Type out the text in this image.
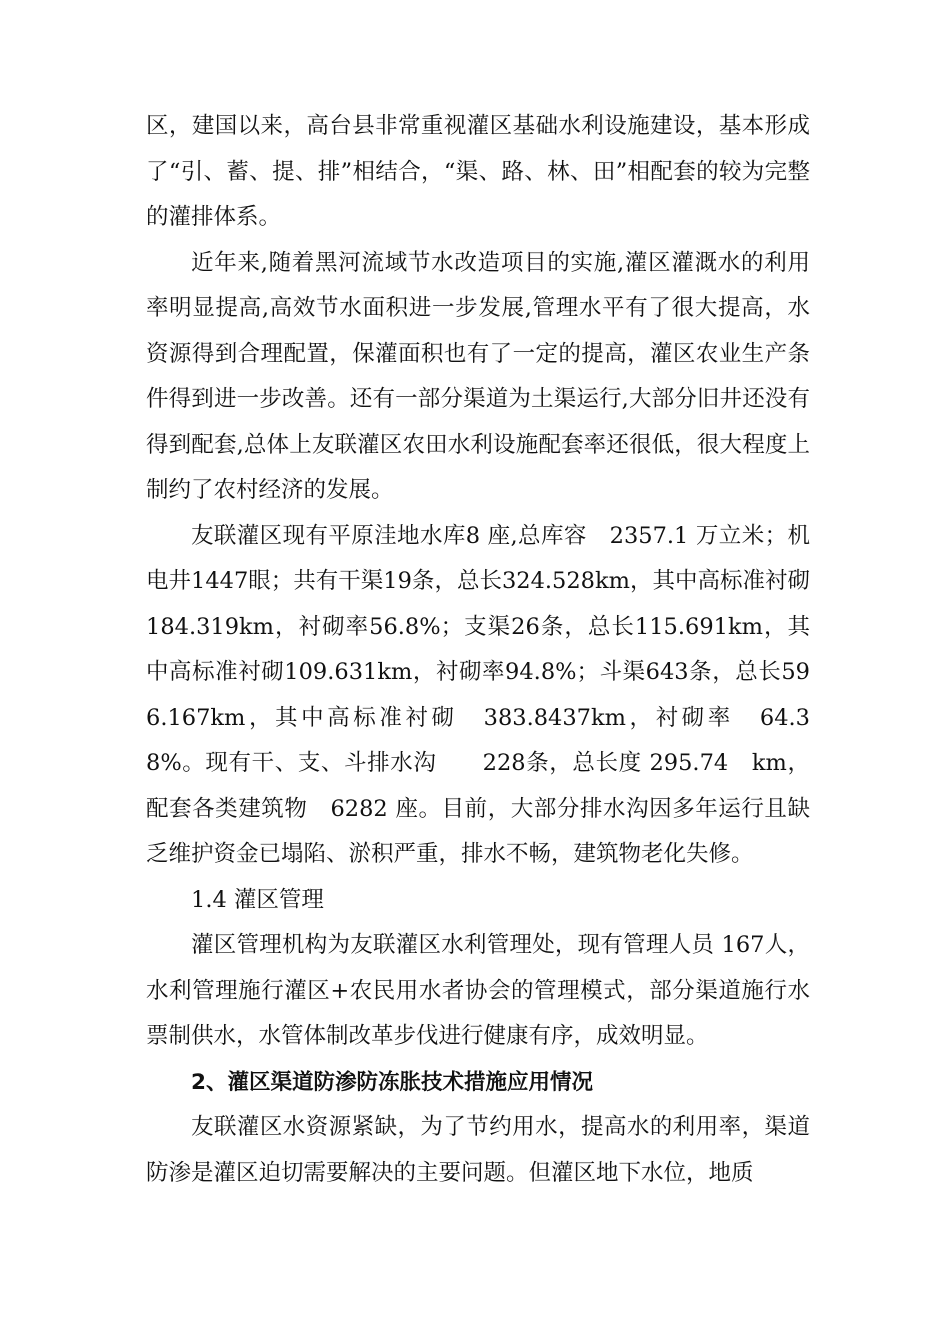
区，建国以来，高台县非常重视灌区基础水利设施建设，基本形成了“引、蓄、提、排”相结合，“渠、路、林、田”相配套的较为完整的灌排体系。

近年来,随着黑河流域节水改造项目的实施,灌区灌溉水的利用率明显提高,高效节水面积进一步发展,管理水平有了很大提高，水资源得到合理配置，保灌面积也有了一定的提高，灌区农业生产条件得到进一步改善。还有一部分渠道为土渠运行,大部分旧井还没有得到配套,总体上友联灌区农田水利设施配套率还很低，很大程度上制约了农村经济的发展。

友联灌区现有平原洼地水库8 座,总库容　2357.1 万立米；机电井1447眼；共有干渠19条，总长324.528km，其中高标准衬砌184.319km，衬砌率56.8%；支渠26条，总长115.691km，其中高标准衬砌109.631km，衬砌率94.8%；斗渠643条，总长596.167km，其中高标准衬砌　383.8437km，衬砌率　64.38%。现有干、支、斗排水沟　　228条，总长度 295.74　km，配套各类建筑物　6282 座。目前，大部分排水沟因多年运行且缺乏维护资金已塌陷、淤积严重，排水不畅，建筑物老化失修。

1.4 灌区管理

灌区管理机构为友联灌区水利管理处，现有管理人员 167人，水利管理施行灌区+农民用水者协会的管理模式，部分渠道施行水票制供水，水管体制改革步伐进行健康有序，成效明显。

2、灌区渠道防渗防冻胀技术措施应用情况

友联灌区水资源紧缺，为了节约用水，提高水的利用率，渠道防渗是灌区迫切需要解决的主要问题。但灌区地下水位，地质
